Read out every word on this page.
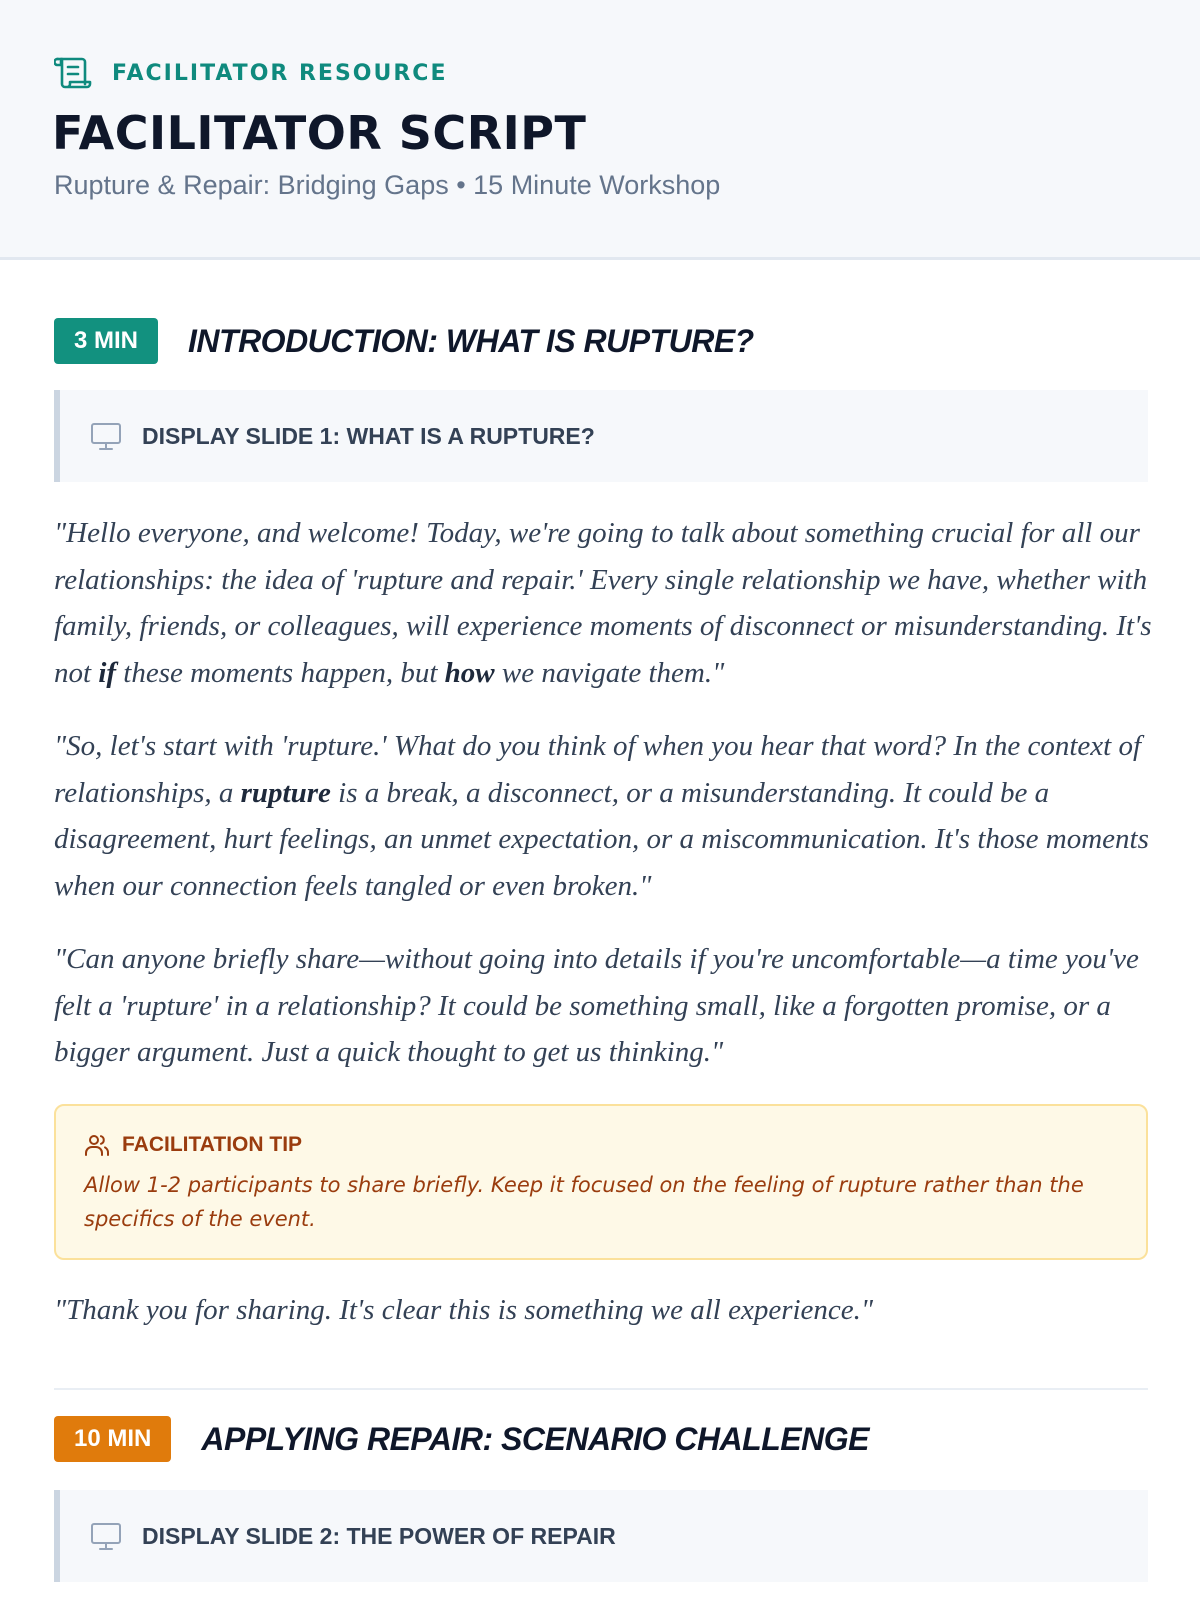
FACILITATOR RESOURCE
FACILITATOR SCRIPT
Rupture & Repair: Bridging Gaps • 15 Minute Workshop
3 MIN	INTRODUCTION: WHAT IS RUPTURE?
DISPLAY SLIDE 1: WHAT IS A RUPTURE?

"Hello everyone, and welcome! Today, we're going to talk about something crucial for all our relationships: the idea of 'rupture and repair.' Every single relationship we have, whether with family, friends, or colleagues, will experience moments of disconnect or misunderstanding. It's not if these moments happen, but how we navigate them."

"So, let's start with 'rupture.' What do you think of when you hear that word? In the context of relationships, a rupture is a break, a disconnect, or a misunderstanding. It could be a disagreement, hurt feelings, an unmet expectation, or a miscommunication. It's those moments when our connection feels tangled or even broken."

"Can anyone briefly share—without going into details if you're uncomfortable—a time you've felt a 'rupture' in a relationship? It could be something small, like a forgotten promise, or a bigger argument. Just a quick thought to get us thinking."

FACILITATION TIP

Allow 1-2 participants to share briefly. Keep it focused on the feeling of rupture rather than the specifics of the event.

"Thank you for sharing. It's clear this is something we all experience."

10 MIN	APPLYING REPAIR: SCENARIO CHALLENGE
DISPLAY SLIDE 2: THE POWER OF REPAIR
